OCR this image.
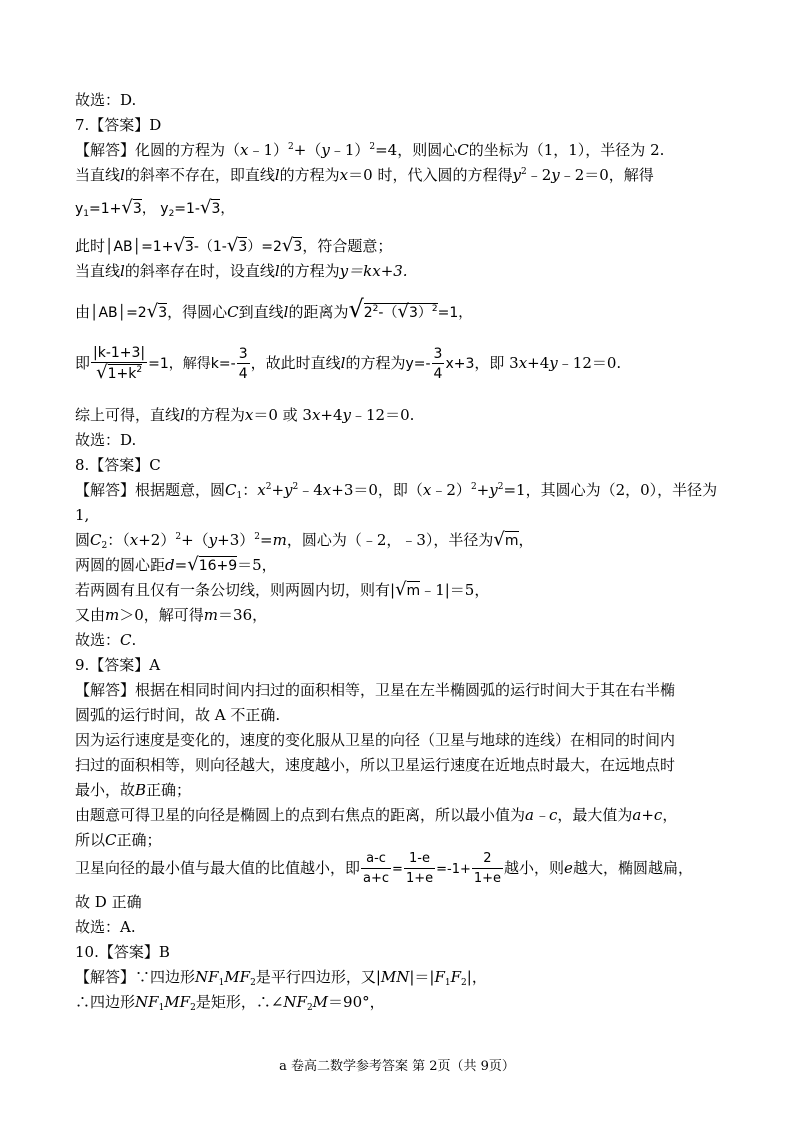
故选：D.
7.【答案】D
【解答】化圆的方程为（x﹣1）$^2$+（y﹣1）$^2$=4，则圆心C的坐标为（1，1），半径为 2.
当直线l的斜率不存在，即直线l的方程为x＝0 时，代入圆的方程得$y^2﹣2y﹣2=0$，解得
$y_1=1+√3$， $y_2=1-√3$，
此时│AB│=1+√3-（1-√3）=2√3，符合题意；
当直线l的斜率存在时，设直线l的方程为y＝kx+3.
由│AB│=2√3，得圆心C到直线l的距离为$√2^2-(√3)^2=1$，
即 $\frac{|k-1+3|}{√1+k^2} =1$，解得$k=- \frac{3}{4}$ ，故此时直线l的方程为$y=- \frac{3}{4} x+3$，即 3x+4y﹣12＝0.
综上可得，直线l的方程为x＝0 或 3x+4y﹣12＝0.
故选：D.
8.【答案】C
【解答】根据题意，圆$C_1$：$x^2+y^2﹣4x+3=0$，即$(x﹣2)^2+y^2=1$，其圆心为（2，0），半径为
1,
圆$C_2$：$(x+2)^2+(y+3)^2=m$，圆心为（﹣2，﹣3），半径为√m，
两圆的圆心距d=√16+9＝5，
若两圆有且仅有一条公切线，则两圆内切，则有|√m﹣1|＝5，
又由m＞0，解可得m＝36，
故选：C.
9.【答案】A
【解答】根据在相同时间内扫过的面积相等，卫星在左半椭圆弧的运行时间大于其在右半椭
圆弧的运行时间，故 A 不正确.
因为运行速度是变化的，速度的变化服从卫星的向径（卫星与地球的连线）在相同的时间内
扫过的面积相等，则向径越大，速度越小，所以卫星运行速度在近地点时最大，在远地点时
最小，故B正确；
由题意可得卫星的向径是椭圆上的点到右焦点的距离，所以最小值为a﹣c，最大值为a+c，
所以C正确；
卫星向径的最小值与最大值的比值越小，即 $\frac{a-c}{a+c} = \frac{1-e}{1+e} =-1+ \frac{2}{1+e}$ 越小，则e越大，椭圆越扁，
故 D 正确
故选：A.
10.【答案】B
【解答】∵四边形$NF_1MF_2$是平行四边形，又$|MN|=|F_1F_2|$，
∴四边形$NF_1MF_2$是矩形，$\therefore\angle NF_2M=90^\circ$，
a 卷高二数学参考答案 第 2页（共 9页）
